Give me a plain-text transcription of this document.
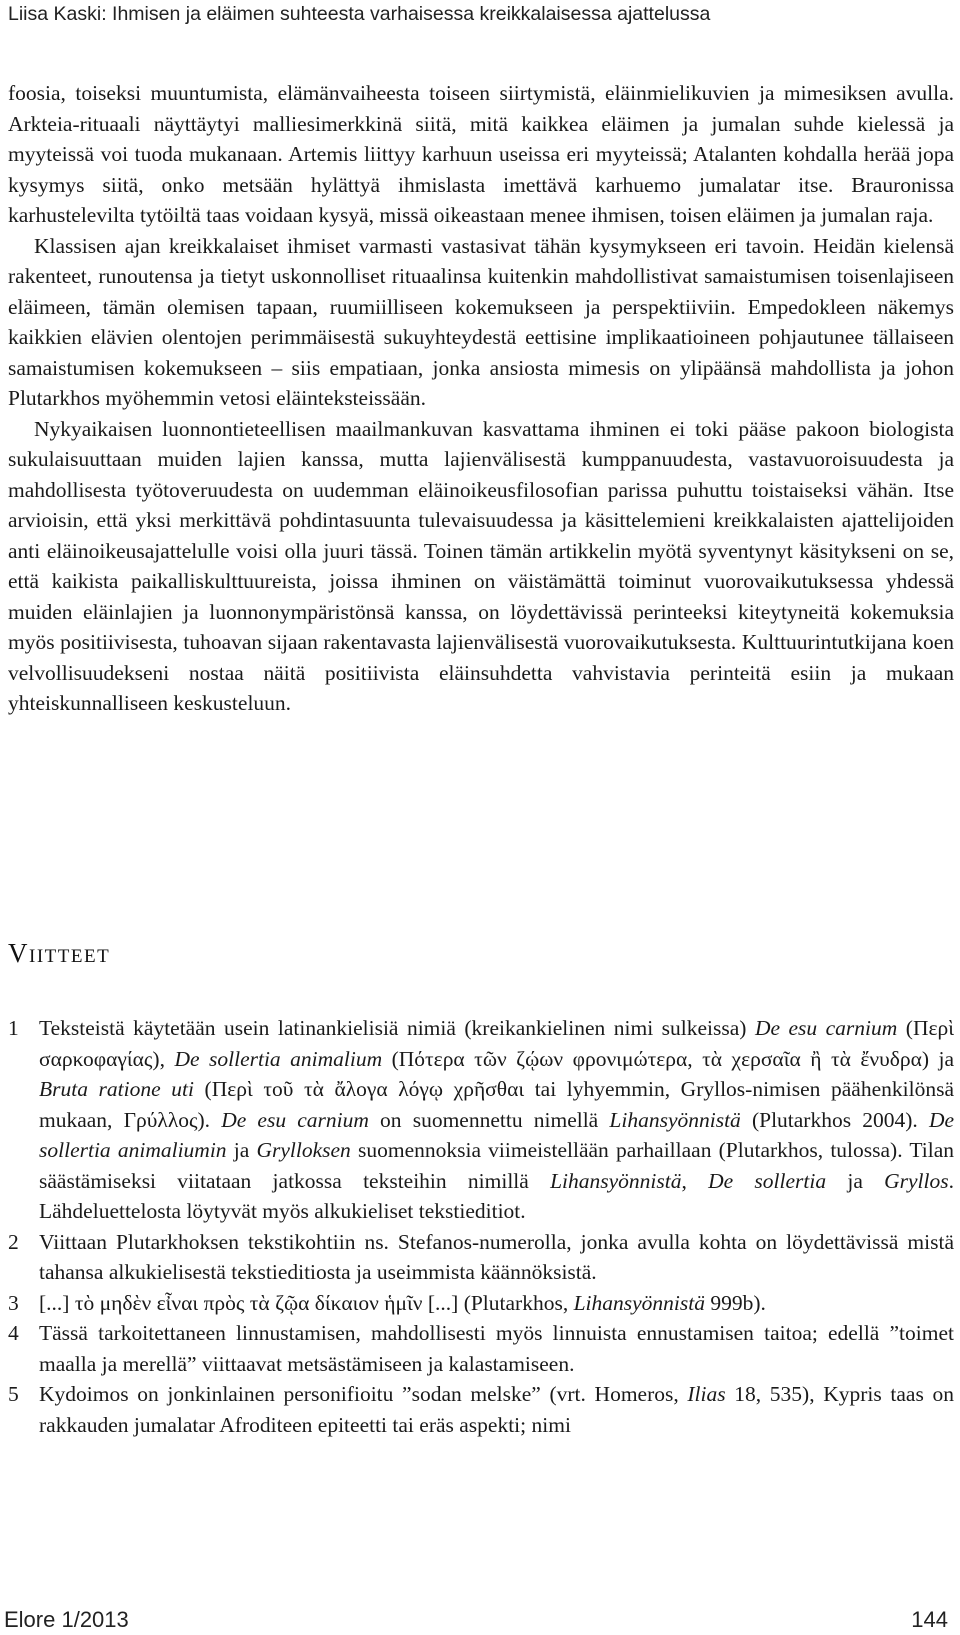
Liisa Kaski: Ihmisen ja eläimen suhteesta varhaisessa kreikkalaisessa ajattelussa

foosia, toiseksi muuntumista, elämänvaiheesta toiseen siirtymistä, eläinmielikuvien ja mimesiksen avulla. Arkteia-rituaali näyttäytyi malliesimerkkinä siitä, mitä kaikkea eläimen ja jumalan suhde kielessä ja myyteissä voi tuoda mukanaan. Artemis liittyy karhuun useissa eri myyteissä; Atalanten kohdalla herää jopa kysymys siitä, onko metsään hylättyä ihmislasta imettävä karhuemo jumalatar itse. Brauronissa karhustelevilta tytöiltä taas voidaan kysyä, missä oikeastaan menee ihmisen, toisen eläimen ja jumalan raja.

Klassisen ajan kreikkalaiset ihmiset varmasti vastasivat tähän kysymykseen eri tavoin. Heidän kielensä rakenteet, runoutensa ja tietyt uskonnolliset rituaalinsa kuitenkin mahdollistivat samaistumisen toisenlajiseen eläimeen, tämän olemisen tapaan, ruumiilliseen kokemukseen ja perspektiiviin. Empedokleen näkemys kaikkien elävien olentojen perimmäisestä sukuyhteydestä eettisine implikaatioineen pohjautunee tällaiseen samaistumisen kokemukseen – siis empatiaan, jonka ansiosta mimesis on ylipäänsä mahdollista ja johon Plutarkhos myöhemmin vetosi eläinteksteissään.

Nykyaikaisen luonnontieteellisen maailmankuvan kasvattama ihminen ei toki pääse pakoon biologista sukulaisuuttaan muiden lajien kanssa, mutta lajienvälisestä kumppanuudesta, vastavuoroisuudesta ja mahdollisesta työtoveruudesta on uudemman eläinoikeusfilosofian parissa puhuttu toistaiseksi vähän. Itse arvioisin, että yksi merkittävä pohdintasuunta tulevaisuudessa ja käsittelemieni kreikkalaisten ajattelijoiden anti eläinoikeusajattelulle voisi olla juuri tässä. Toinen tämän artikkelin myötä syventynyt käsitykseni on se, että kaikista paikalliskulttuureista, joissa ihminen on väistämättä toiminut vuorovaikutuksessa yhdessä muiden eläinlajien ja luonnonympäristönsä kanssa, on löydettävissä perinteeksi kiteytyneitä kokemuksia myös positiivisesta, tuhoavan sijaan rakentavasta lajienvälisestä vuorovaikutuksesta. Kulttuurintutkijana koen velvollisuudekseni nostaa näitä positiivista eläinsuhdetta vahvistavia perinteitä esiin ja mukaan yhteiskunnalliseen keskusteluun.

Viitteet
1 Teksteistä käytetään usein latinankielisiä nimiä (kreikankielinen nimi sulkeissa) De esu carnium (Περὶ σαρκοφαγίας), De sollertia animalium (Πότερα τῶν ζῴων φρονιμώτερα, τὰ χερσαῖα ἢ τὰ ἔνυδρα) ja Bruta ratione uti (Περὶ τοῦ τὰ ἄλογα λόγῳ χρῆσθαι tai lyhyemmin, Gryllos-nimisen päähenkilönsä mukaan, Γρύλλος). De esu carnium on suomennettu nimellä Lihansyönnistä (Plutarkhos 2004). De sollertia animaliumin ja Grylloksen suomennoksia viimeistellään parhaillaan (Plutarkhos, tulossa). Tilan säästämiseksi viitataan jatkossa teksteihin nimillä Lihansyönnistä, De sollertia ja Gryllos. Lähdeluettelosta löytyvät myös alkukieliset tekstieditiot.
2 Viittaan Plutarkhoksen tekstikohtiin ns. Stefanos-numerolla, jonka avulla kohta on löydettävissä mistä tahansa alkukielisestä tekstieditiosta ja useimmista käännöksistä.
3 [...] τὸ μηδὲν εἶναι πρὸς τὰ ζῷα δίκαιον ἡμῖν [...] (Plutarkhos, Lihansyönnistä 999b).
4 Tässä tarkoitettaneen linnustamisen, mahdollisesti myös linnuista ennustamisen taitoa; edellä ”toimet maalla ja merellä” viittaavat metsästämiseen ja kalastamiseen.
5 Kydoimos on jonkinlainen personifioitu ”sodan melske” (vrt. Homeros, Ilias 18, 535), Kypris taas on rakkauden jumalatar Afroditeen epiteetti tai eräs aspekti; nimi
Elore 1/2013	144
